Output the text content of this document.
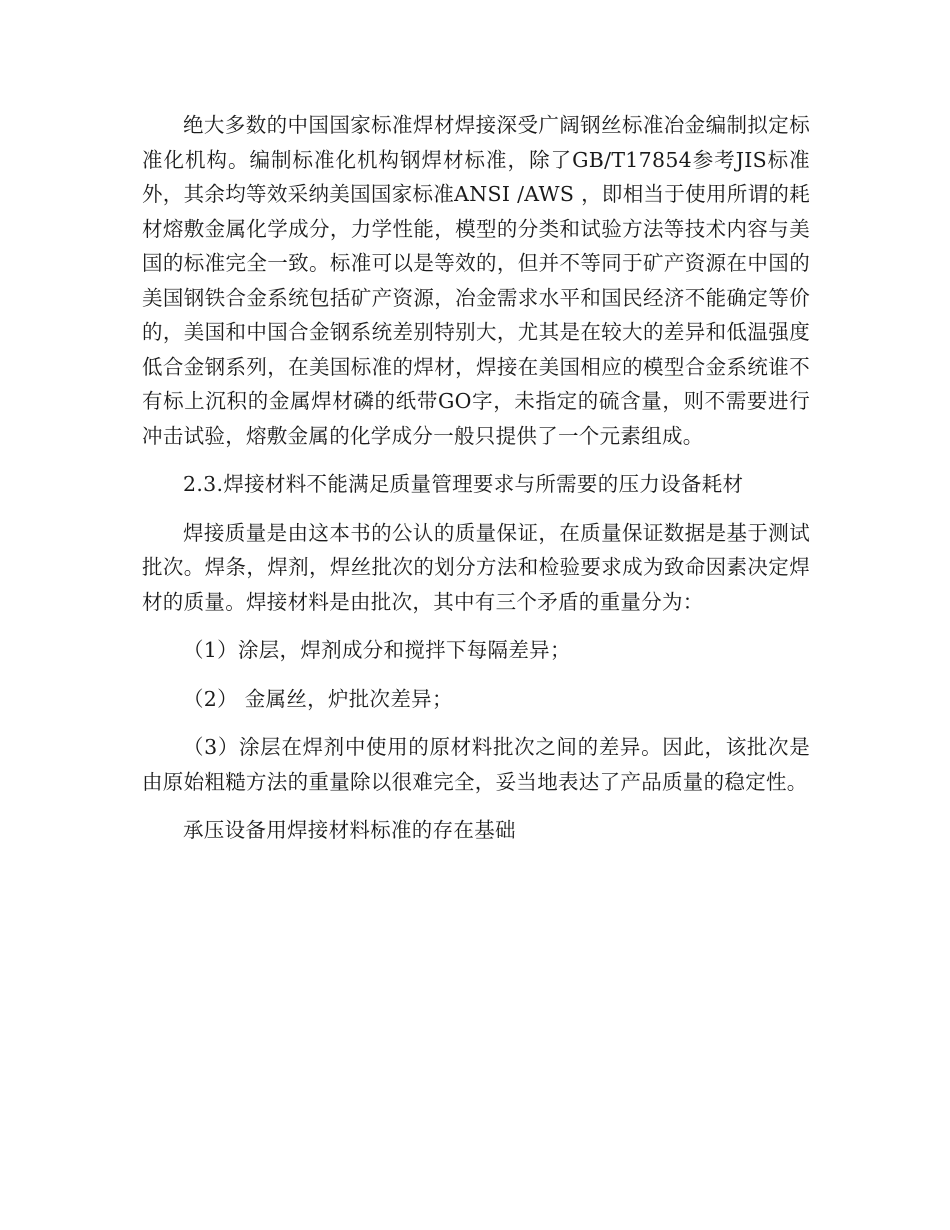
绝大多数的中国国家标准焊材焊接深受广阔钢丝标准冶金编制拟定标准化机构。编制标准化机构钢焊材标准，除了GB/T17854参考JIS标准外，其余均等效采纳美国国家标准ANSI /AWS ，即相当于使用所谓的耗材熔敷金属化学成分，力学性能，模型的分类和试验方法等技术内容与美国的标准完全一致。标准可以是等效的，但并不等同于矿产资源在中国的美国钢铁合金系统包括矿产资源，冶金需求水平和国民经济不能确定等价的，美国和中国合金钢系统差别特别大，尤其是在较大的差异和低温强度低合金钢系列，在美国标准的焊材，焊接在美国相应的模型合金系统谁不有标上沉积的金属焊材磷的纸带GO字，未指定的硫含量，则不需要进行冲击试验，熔敷金属的化学成分一般只提供了一个元素组成。

2.3.焊接材料不能满足质量管理要求与所需要的压力设备耗材

焊接质量是由这本书的公认的质量保证，在质量保证数据是基于测试批次。焊条，焊剂，焊丝批次的划分方法和检验要求成为致命因素决定焊材的质量。焊接材料是由批次，其中有三个矛盾的重量分为：

（1）涂层，焊剂成分和搅拌下每隔差异；

（2） 金属丝，炉批次差异；

（3）涂层在焊剂中使用的原材料批次之间的差异。因此，该批次是由原始粗糙方法的重量除以很难完全，妥当地表达了产品质量的稳定性。

承压设备用焊接材料标准的存在基础
